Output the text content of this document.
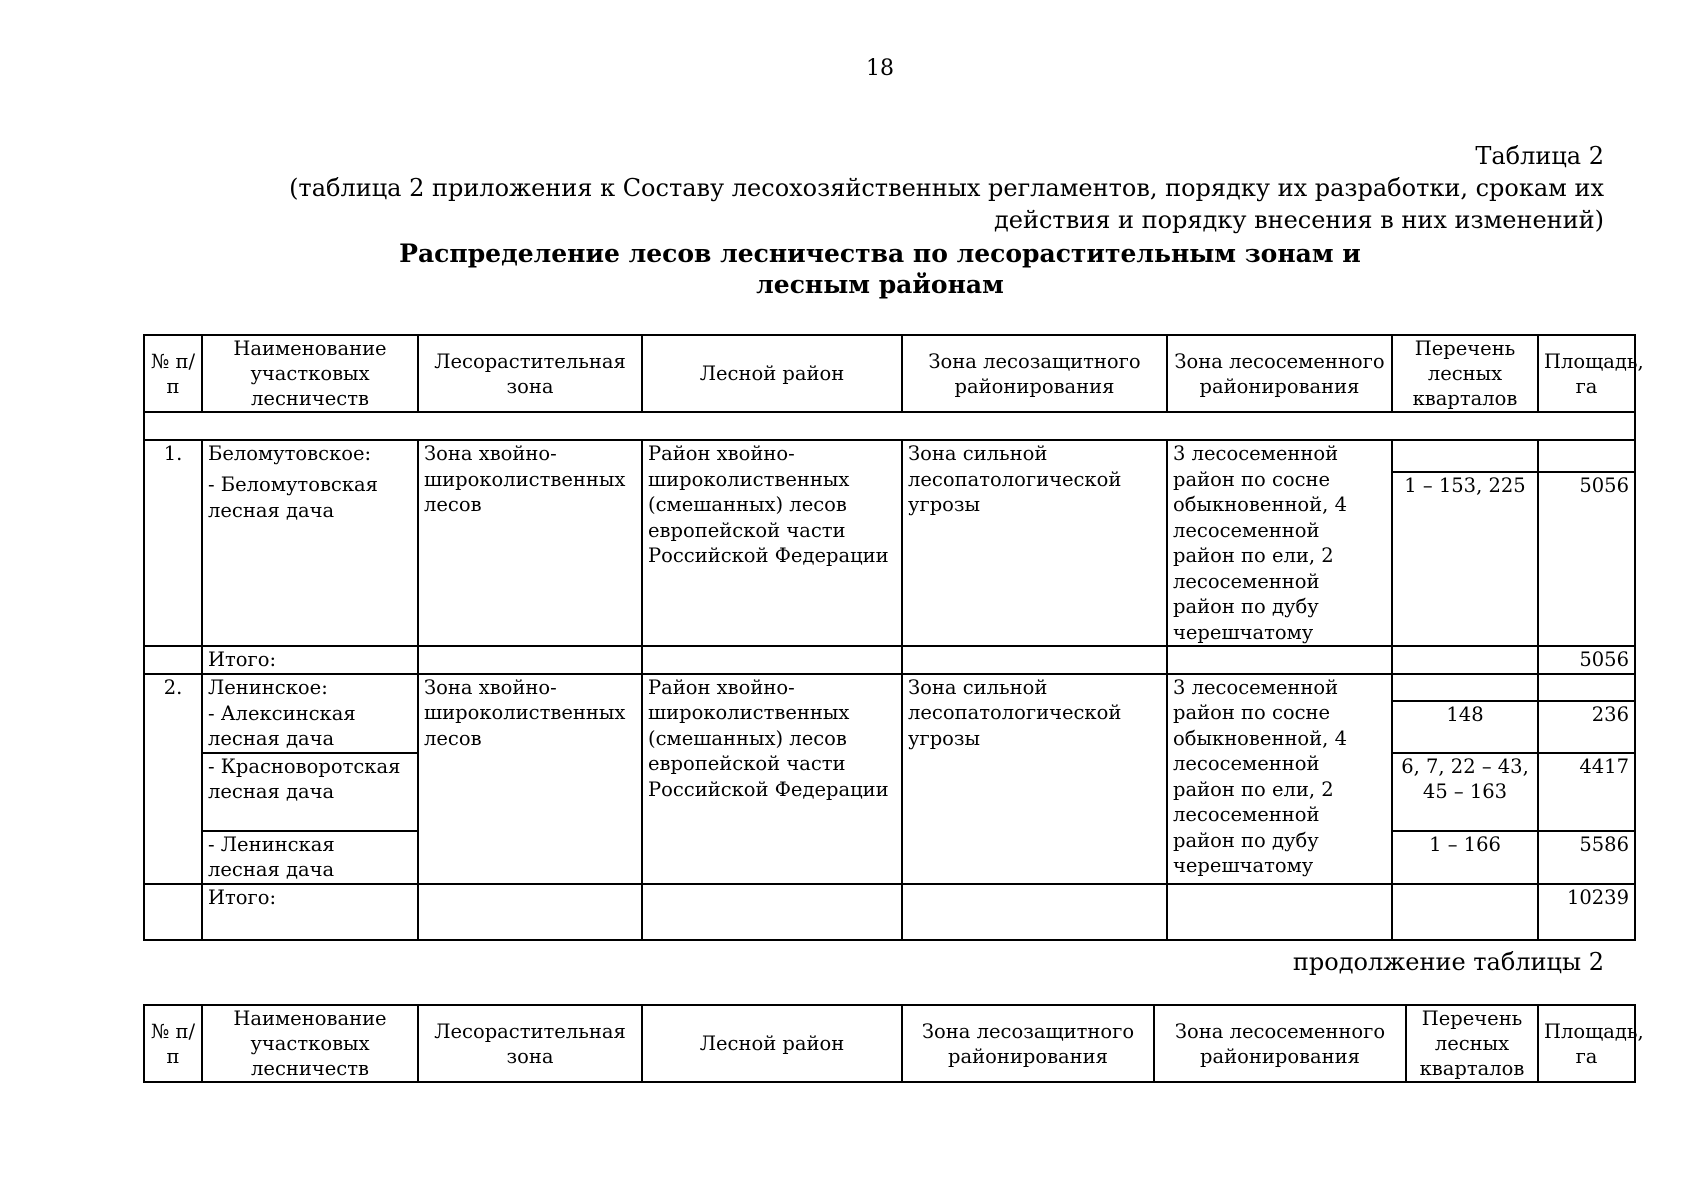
18
Таблица 2
(таблица 2 приложения к Составу лесохозяйственных регламентов, порядку их разработки, срокам их действия и порядку внесения в них изменений)
Распределение лесов лесничества по лесорастительным зонам и
лесным районам
№ п/п	Наименование участковых лесничеств	Лесорастительная зона	Лесной район	Зона лесозащитного районирования	Зона лесосеменного районирования	Перечень лесных кварталов	Площадь, га

1.	Беломутовское:	Зона хвойно-широколиственных лесов	Район хвойно-широколиственных (смешанных) лесов европейской части Российской Федерации	Зона сильной лесопатологической угрозы	3 лесосеменной район по сосне обыкновенной, 4 лесосеменной район по ели, 2 лесосеменной район по дубу черешчатому		
	- Беломутовская лесная дача					1 – 153, 225	5056
	Итого:						5056
2.	Ленинское:	Зона хвойно-широколиственных лесов	Район хвойно-широколиственных (смешанных) лесов европейской части Российской Федерации	Зона сильной лесопатологической угрозы	3 лесосеменной район по сосне обыкновенной, 4 лесосеменной район по ели, 2 лесосеменной район по дубу черешчатому		
	- Алексинская лесная дача					148	236
	- Красноворотская лесная дача					6, 7, 22 – 43, 45 – 163	4417
	- Ленинская лесная дача					1 – 166	5586
	Итого:						10239
продолжение таблицы 2
№ п/п	Наименование участковых лесничеств	Лесорастительная зона	Лесной район	Зона лесозащитного районирования	Зона лесосеменного районирования	Перечень лесных кварталов	Площадь, га
